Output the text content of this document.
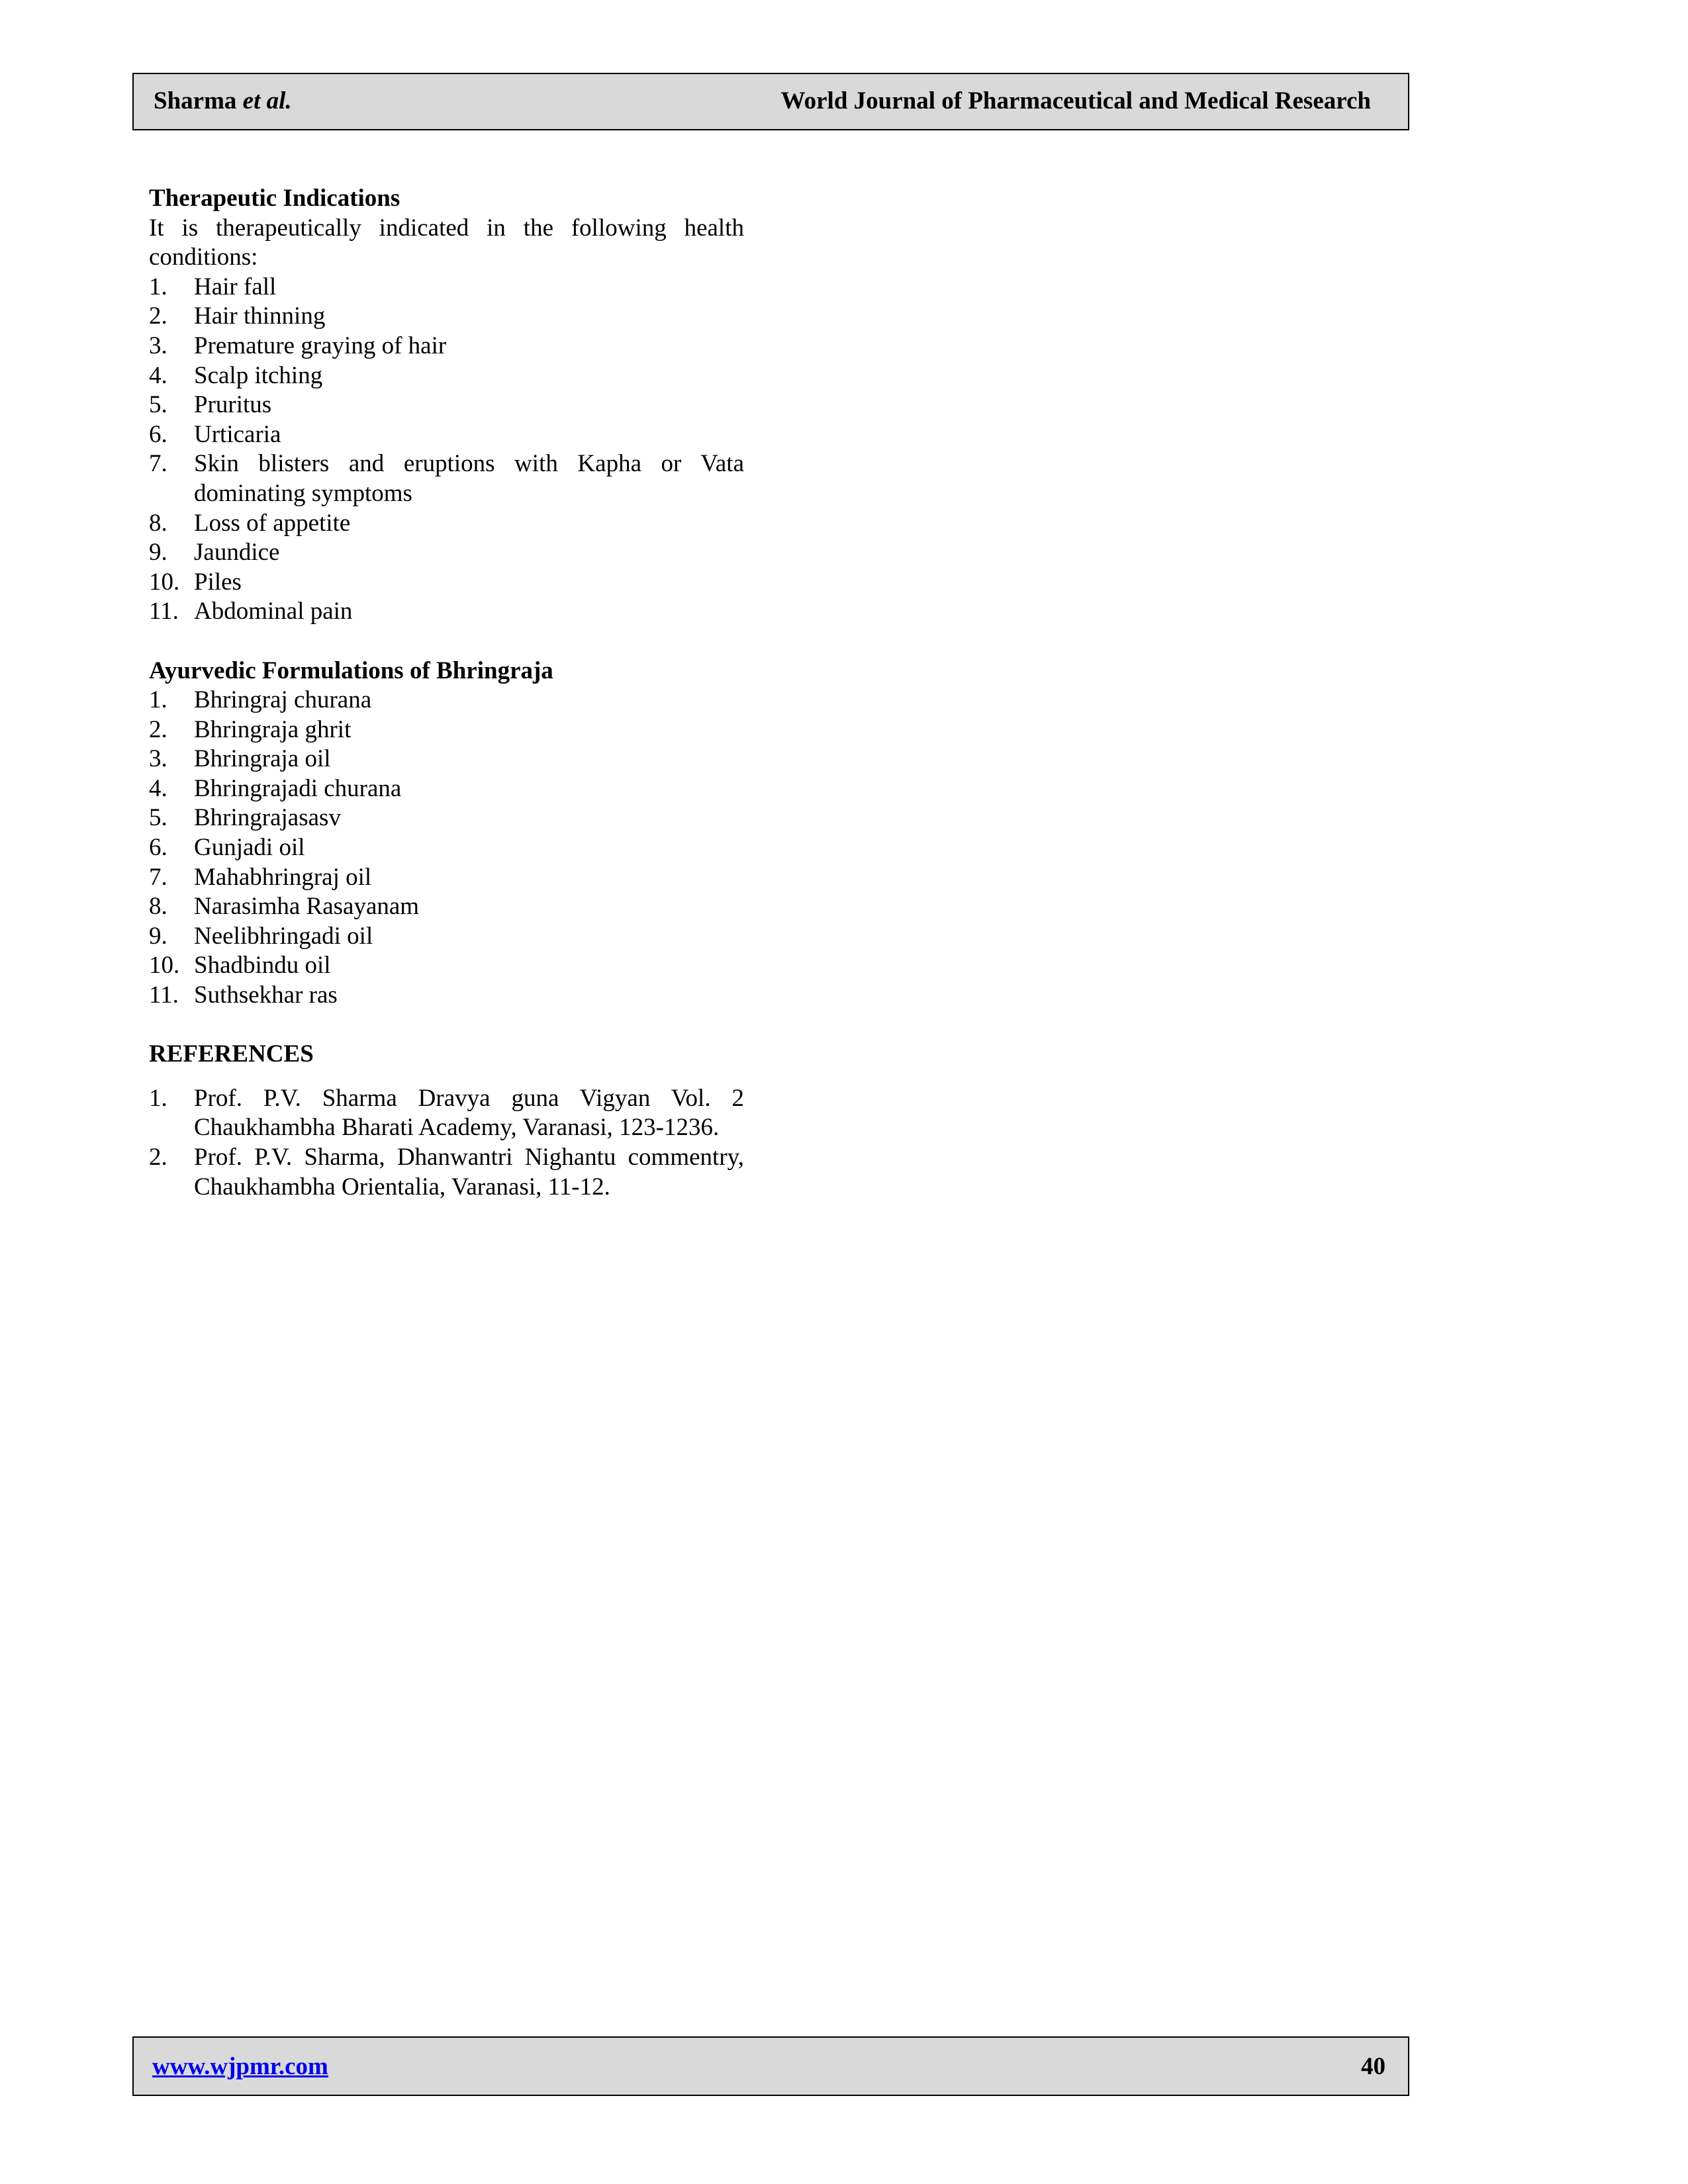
Sharma et al.	World Journal of Pharmaceutical and Medical Research

Therapeutic Indications

It is therapeutically indicated in the following health conditions:

1. Hair fall
2. Hair thinning
3. Premature graying of hair
4. Scalp itching
5. Pruritus
6. Urticaria
7. Skin blisters and eruptions with Kapha or Vata dominating symptoms
8. Loss of appetite
9. Jaundice
10. Piles
11. Abdominal pain

Ayurvedic Formulations of Bhringraja

1. Bhringraj churana
2. Bhringraja ghrit
3. Bhringraja oil
4. Bhringrajadi churana
5. Bhringrajasasv
6. Gunjadi oil
7. Mahabhringraj oil
8. Narasimha Rasayanam
9. Neelibhringadi oil
10. Shadbindu oil
11. Suthsekhar ras

REFERENCES

1. Prof. P.V. Sharma Dravya guna Vigyan Vol. 2 Chaukhambha Bharati Academy, Varanasi, 123-1236.
2. Prof. P.V. Sharma, Dhanwantri Nighantu commentry, Chaukhambha Orientalia, Varanasi, 11-12.
www.wjpmr.com	40
